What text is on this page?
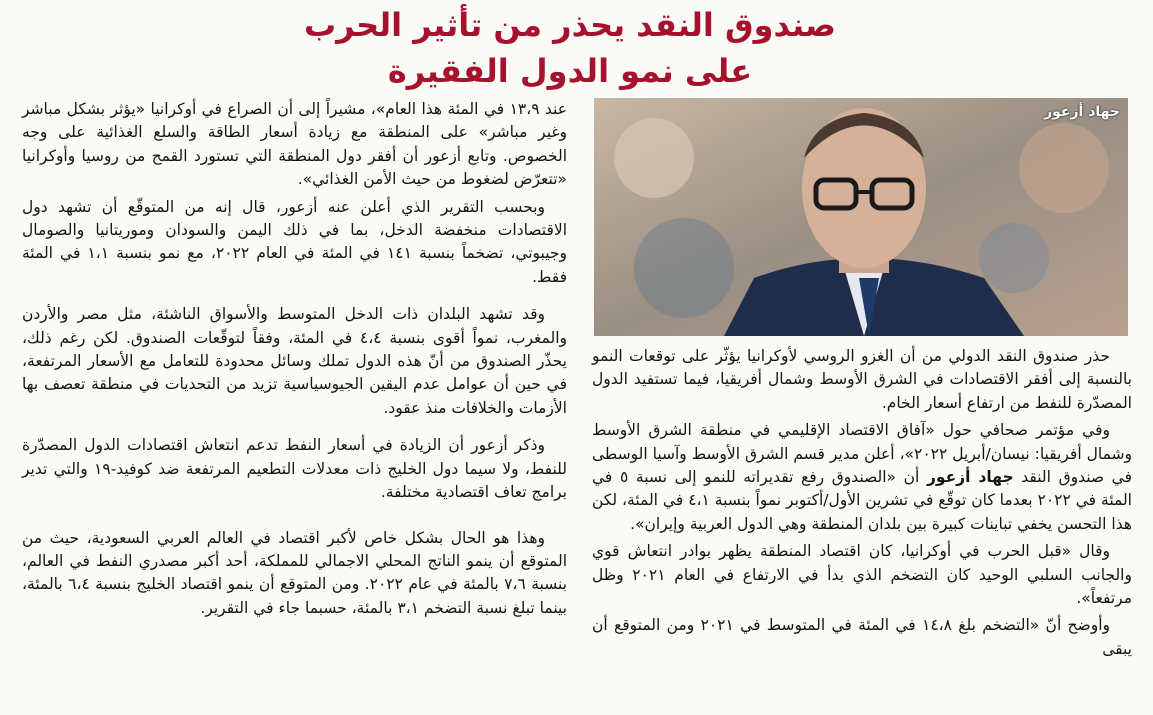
صندوق النقد يحذر من تأثير الحرب
على نمو الدول الفقيرة
جهاد أزعور

عند ١٣،٩ في المئة هذا العام»، مشيراً إلى أن الصراع في أوكرانيا «يؤثر بشكل مباشر وغير مباشر» على المنطقة مع زيادة أسعار الطاقة والسلع الغذائية على وجه الخصوص. وتابع أزعور أن أفقر دول المنطقة التي تستورد القمح من روسيا وأوكرانيا «تتعرّض لضغوط من حيث الأمن الغذائي».

وبحسب التقرير الذي أعلن عنه أزعور، قال إنه من المتوقّع أن تشهد دول الاقتصادات منخفضة الدخل، بما في ذلك اليمن والسودان وموريتانيا والصومال وجيبوتي، تضخماً بنسبة ١٤١ في المئة في العام ٢٠٢٢، مع نمو بنسبة ١،١ في المئة فقط.

وقد تشهد البلدان ذات الدخل المتوسط والأسواق الناشئة، مثل مصر والأردن والمغرب، نمواً أقوى بنسبة ٤،٤ في المئة، وفقاً لتوقّعات الصندوق. لكن رغم ذلك، يحذّر الصندوق من أنّ هذه الدول تملك وسائل محدودة للتعامل مع الأسعار المرتفعة، في حين أن عوامل عدم اليقين الجيوسياسية تزيد من التحديات في منطقة تعصف بها الأزمات والخلافات منذ عقود.

وذكر أزعور أن الزيادة في أسعار النفط تدعم انتعاش اقتصادات الدول المصدّرة للنفط، ولا سيما دول الخليج ذات معدلات التطعيم المرتفعة ضد كوفيد-١٩ والتي تدير برامج تعاف اقتصادية مختلفة.

وهذا هو الحال بشكل خاص لأكبر اقتصاد في العالم العربي السعودية، حيث من المتوقع أن ينمو الناتج المحلي الاجمالي للمملكة، أحد أكبر مصدري النفط في العالم، بنسبة ٧،٦ بالمئة في عام ٢٠٢٢. ومن المتوقع أن ينمو اقتصاد الخليج بنسبة ٦،٤ بالمئة، بينما تبلغ نسبة التضخم ٣،١ بالمئة، حسبما جاء في التقرير.

حذر صندوق النقد الدولي من أن الغزو الروسي لأوكرانيا يؤثّر على توقعات النمو بالنسبة إلى أفقر الاقتصادات في الشرق الأوسط وشمال أفريقيا، فيما تستفيد الدول المصدّرة للنفط من ارتفاع أسعار الخام.

وفي مؤتمر صحافي حول «آفاق الاقتصاد الإقليمي في منطقة الشرق الأوسط وشمال أفريقيا: نيسان/أبريل ٢٠٢٢»، أعلن مدير قسم الشرق الأوسط وآسيا الوسطى في صندوق النقد جهاد أزعور أن «الصندوق رفع تقديراته للنمو إلى نسبة ٥ في المئة في ٢٠٢٢ بعدما كان توقّع في تشرين الأول/أكتوبر نمواً بنسبة ٤،١ في المئة، لكن هذا التحسن يخفي تباينات كبيرة بين بلدان المنطقة وهي الدول العربية وإيران».

وقال «قبل الحرب في أوكرانيا، كان اقتصاد المنطقة يظهر بوادر انتعاش قوي والجانب السلبي الوحيد كان التضخم الذي بدأ في الارتفاع في العام ٢٠٢١ وظل مرتفعاً».

وأوضح أنّ «التضخم بلغ ١٤،٨ في المئة في المتوسط في ٢٠٢١ ومن المتوقع أن يبقى
